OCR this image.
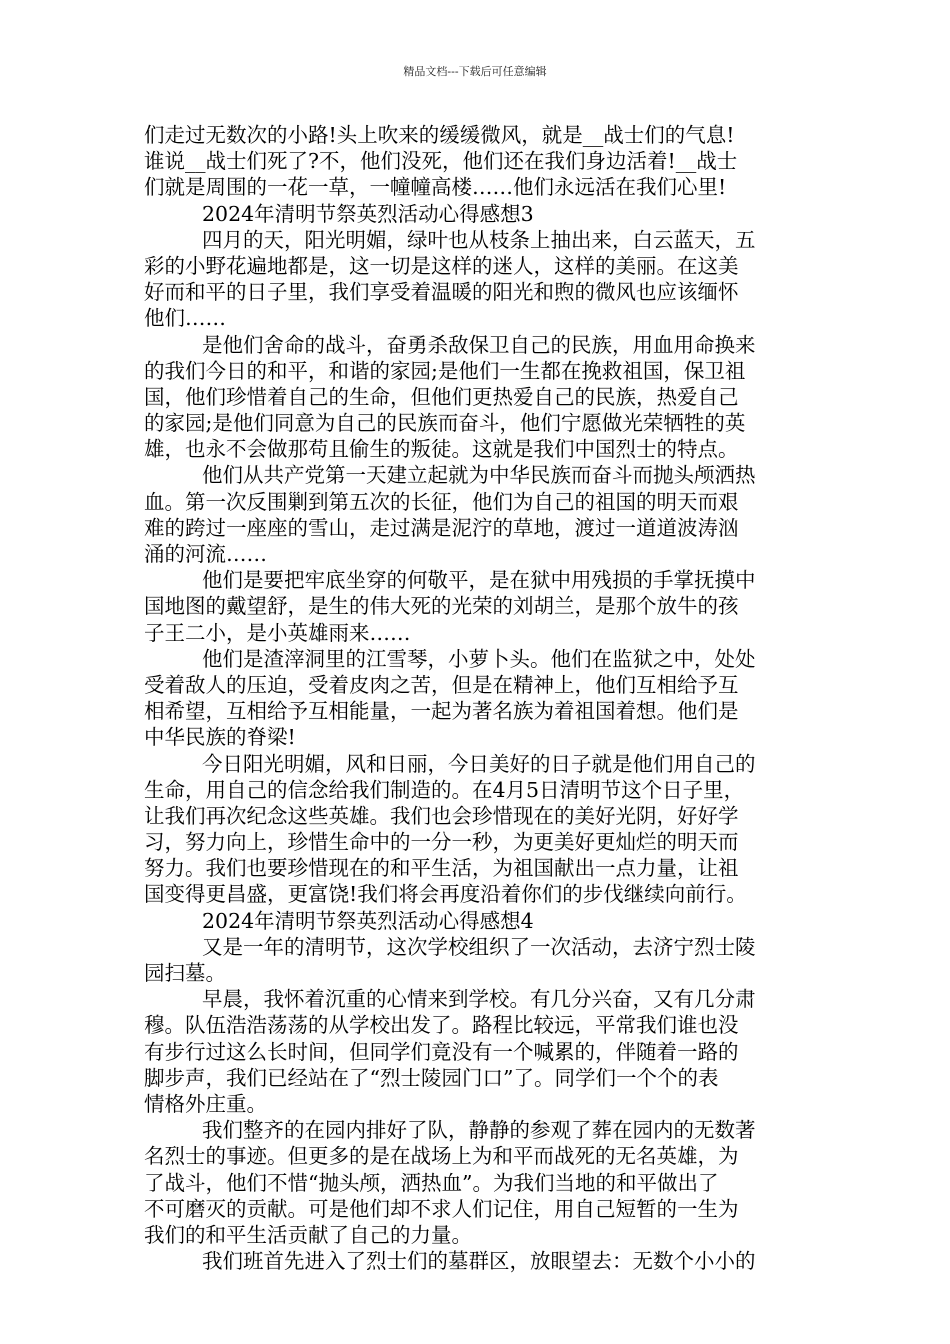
精品文档---下载后可任意编辑
们走过无数次的小路!头上吹来的缓缓微风，就是__战士们的气息!
谁说__战士们死了?不，他们没死，他们还在我们身边活着!__战士
们就是周围的一花一草，一幢幢高楼……他们永远活在我们心里!
2024年清明节祭英烈活动心得感想3
四月的天，阳光明媚，绿叶也从枝条上抽出来，白云蓝天，五
彩的小野花遍地都是，这一切是这样的迷人，这样的美丽。在这美
好而和平的日子里，我们享受着温暖的阳光和煦的微风也应该缅怀
他们……
是他们舍命的战斗，奋勇杀敌保卫自己的民族，用血用命换来
的我们今日的和平，和谐的家园;是他们一生都在挽救祖国，保卫祖
国，他们珍惜着自己的生命，但他们更热爱自己的民族，热爱自己
的家园;是他们同意为自己的民族而奋斗，他们宁愿做光荣牺牲的英
雄，也永不会做那苟且偷生的叛徒。这就是我们中国烈士的特点。
他们从共产党第一天建立起就为中华民族而奋斗而抛头颅洒热
血。第一次反围剿到第五次的长征，他们为自己的祖国的明天而艰
难的跨过一座座的雪山，走过满是泥泞的草地，渡过一道道波涛汹
涌的河流……
他们是要把牢底坐穿的何敬平，是在狱中用残损的手掌抚摸中
国地图的戴望舒，是生的伟大死的光荣的刘胡兰，是那个放牛的孩
子王二小，是小英雄雨来……
他们是渣滓洞里的江雪琴，小萝卜头。他们在监狱之中，处处
受着敌人的压迫，受着皮肉之苦，但是在精神上，他们互相给予互
相希望，互相给予互相能量，一起为著名族为着祖国着想。他们是
中华民族的脊梁!
今日阳光明媚，风和日丽，今日美好的日子就是他们用自己的
生命，用自己的信念给我们制造的。在4月5日清明节这个日子里，
让我们再次纪念这些英雄。我们也会珍惜现在的美好光阴，好好学
习，努力向上，珍惜生命中的一分一秒，为更美好更灿烂的明天而
努力。我们也要珍惜现在的和平生活，为祖国献出一点力量，让祖
国变得更昌盛，更富饶!我们将会再度沿着你们的步伐继续向前行。
2024年清明节祭英烈活动心得感想4
又是一年的清明节，这次学校组织了一次活动，去济宁烈士陵
园扫墓。
早晨，我怀着沉重的心情来到学校。有几分兴奋，又有几分肃
穆。队伍浩浩荡荡的从学校出发了。路程比较远，平常我们谁也没
有步行过这么长时间，但同学们竟没有一个喊累的，伴随着一路的
脚步声，我们已经站在了“烈士陵园门口”了。同学们一个个的表
情格外庄重。
我们整齐的在园内排好了队，静静的参观了葬在园内的无数著
名烈士的事迹。但更多的是在战场上为和平而战死的无名英雄，为
了战斗，他们不惜“抛头颅，洒热血”。为我们当地的和平做出了
不可磨灭的贡献。可是他们却不求人们记住，用自己短暂的一生为
我们的和平生活贡献了自己的力量。
我们班首先进入了烈士们的墓群区，放眼望去：无数个小小的
